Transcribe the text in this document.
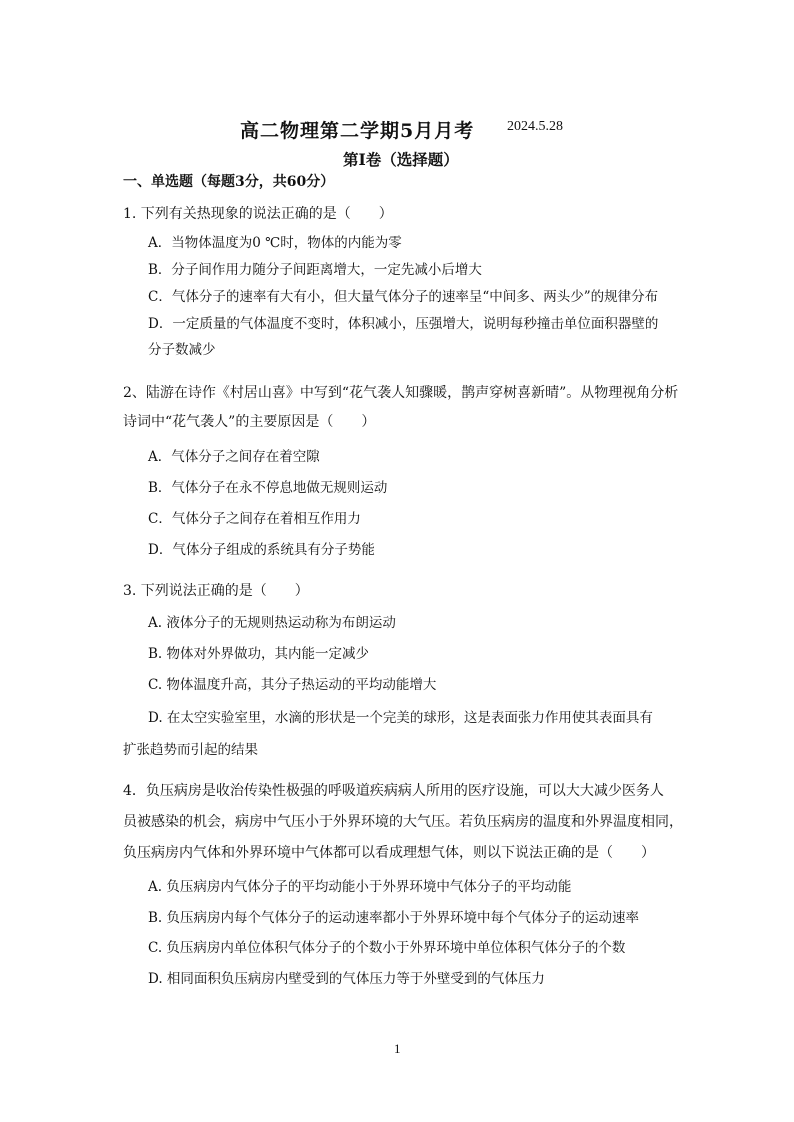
高二物理第二学期5月月考 2024.5.28
第Ⅰ卷（选择题）
一、单选题（每题3分，共60分）
1. 下列有关热现象的说法正确的是（　　）
A．当物体温度为0 ℃时，物体的内能为零
B．分子间作用力随分子间距离增大，一定先减小后增大
C．气体分子的速率有大有小，但大量气体分子的速率呈“中间多、两头少”的规律分布
D．一定质量的气体温度不变时，体积减小，压强增大，说明每秒撞击单位面积器壁的
分子数减少
2、陆游在诗作《村居山喜》中写到“花气袭人知骤暖，鹊声穿树喜新晴”。从物理视角分析
诗词中“花气袭人”的主要原因是（　　）
A．气体分子之间存在着空隙
B．气体分子在永不停息地做无规则运动
C．气体分子之间存在着相互作用力
D．气体分子组成的系统具有分子势能
3. 下列说法正确的是（　　）
A. 液体分子的无规则热运动称为布朗运动
B. 物体对外界做功，其内能一定减少
C. 物体温度升高，其分子热运动的平均动能增大
D. 在太空实验室里，水滴的形状是一个完美的球形，这是表面张力作用使其表面具有
扩张趋势而引起的结果
4．负压病房是收治传染性极强的呼吸道疾病病人所用的医疗设施，可以大大减少医务人
员被感染的机会，病房中气压小于外界环境的大气压。若负压病房的温度和外界温度相同，
负压病房内气体和外界环境中气体都可以看成理想气体，则以下说法正确的是（　　）
A. 负压病房内气体分子的平均动能小于外界环境中气体分子的平均动能
B. 负压病房内每个气体分子的运动速率都小于外界环境中每个气体分子的运动速率
C. 负压病房内单位体积气体分子的个数小于外界环境中单位体积气体分子的个数
D. 相同面积负压病房内壁受到的气体压力等于外壁受到的气体压力
1
